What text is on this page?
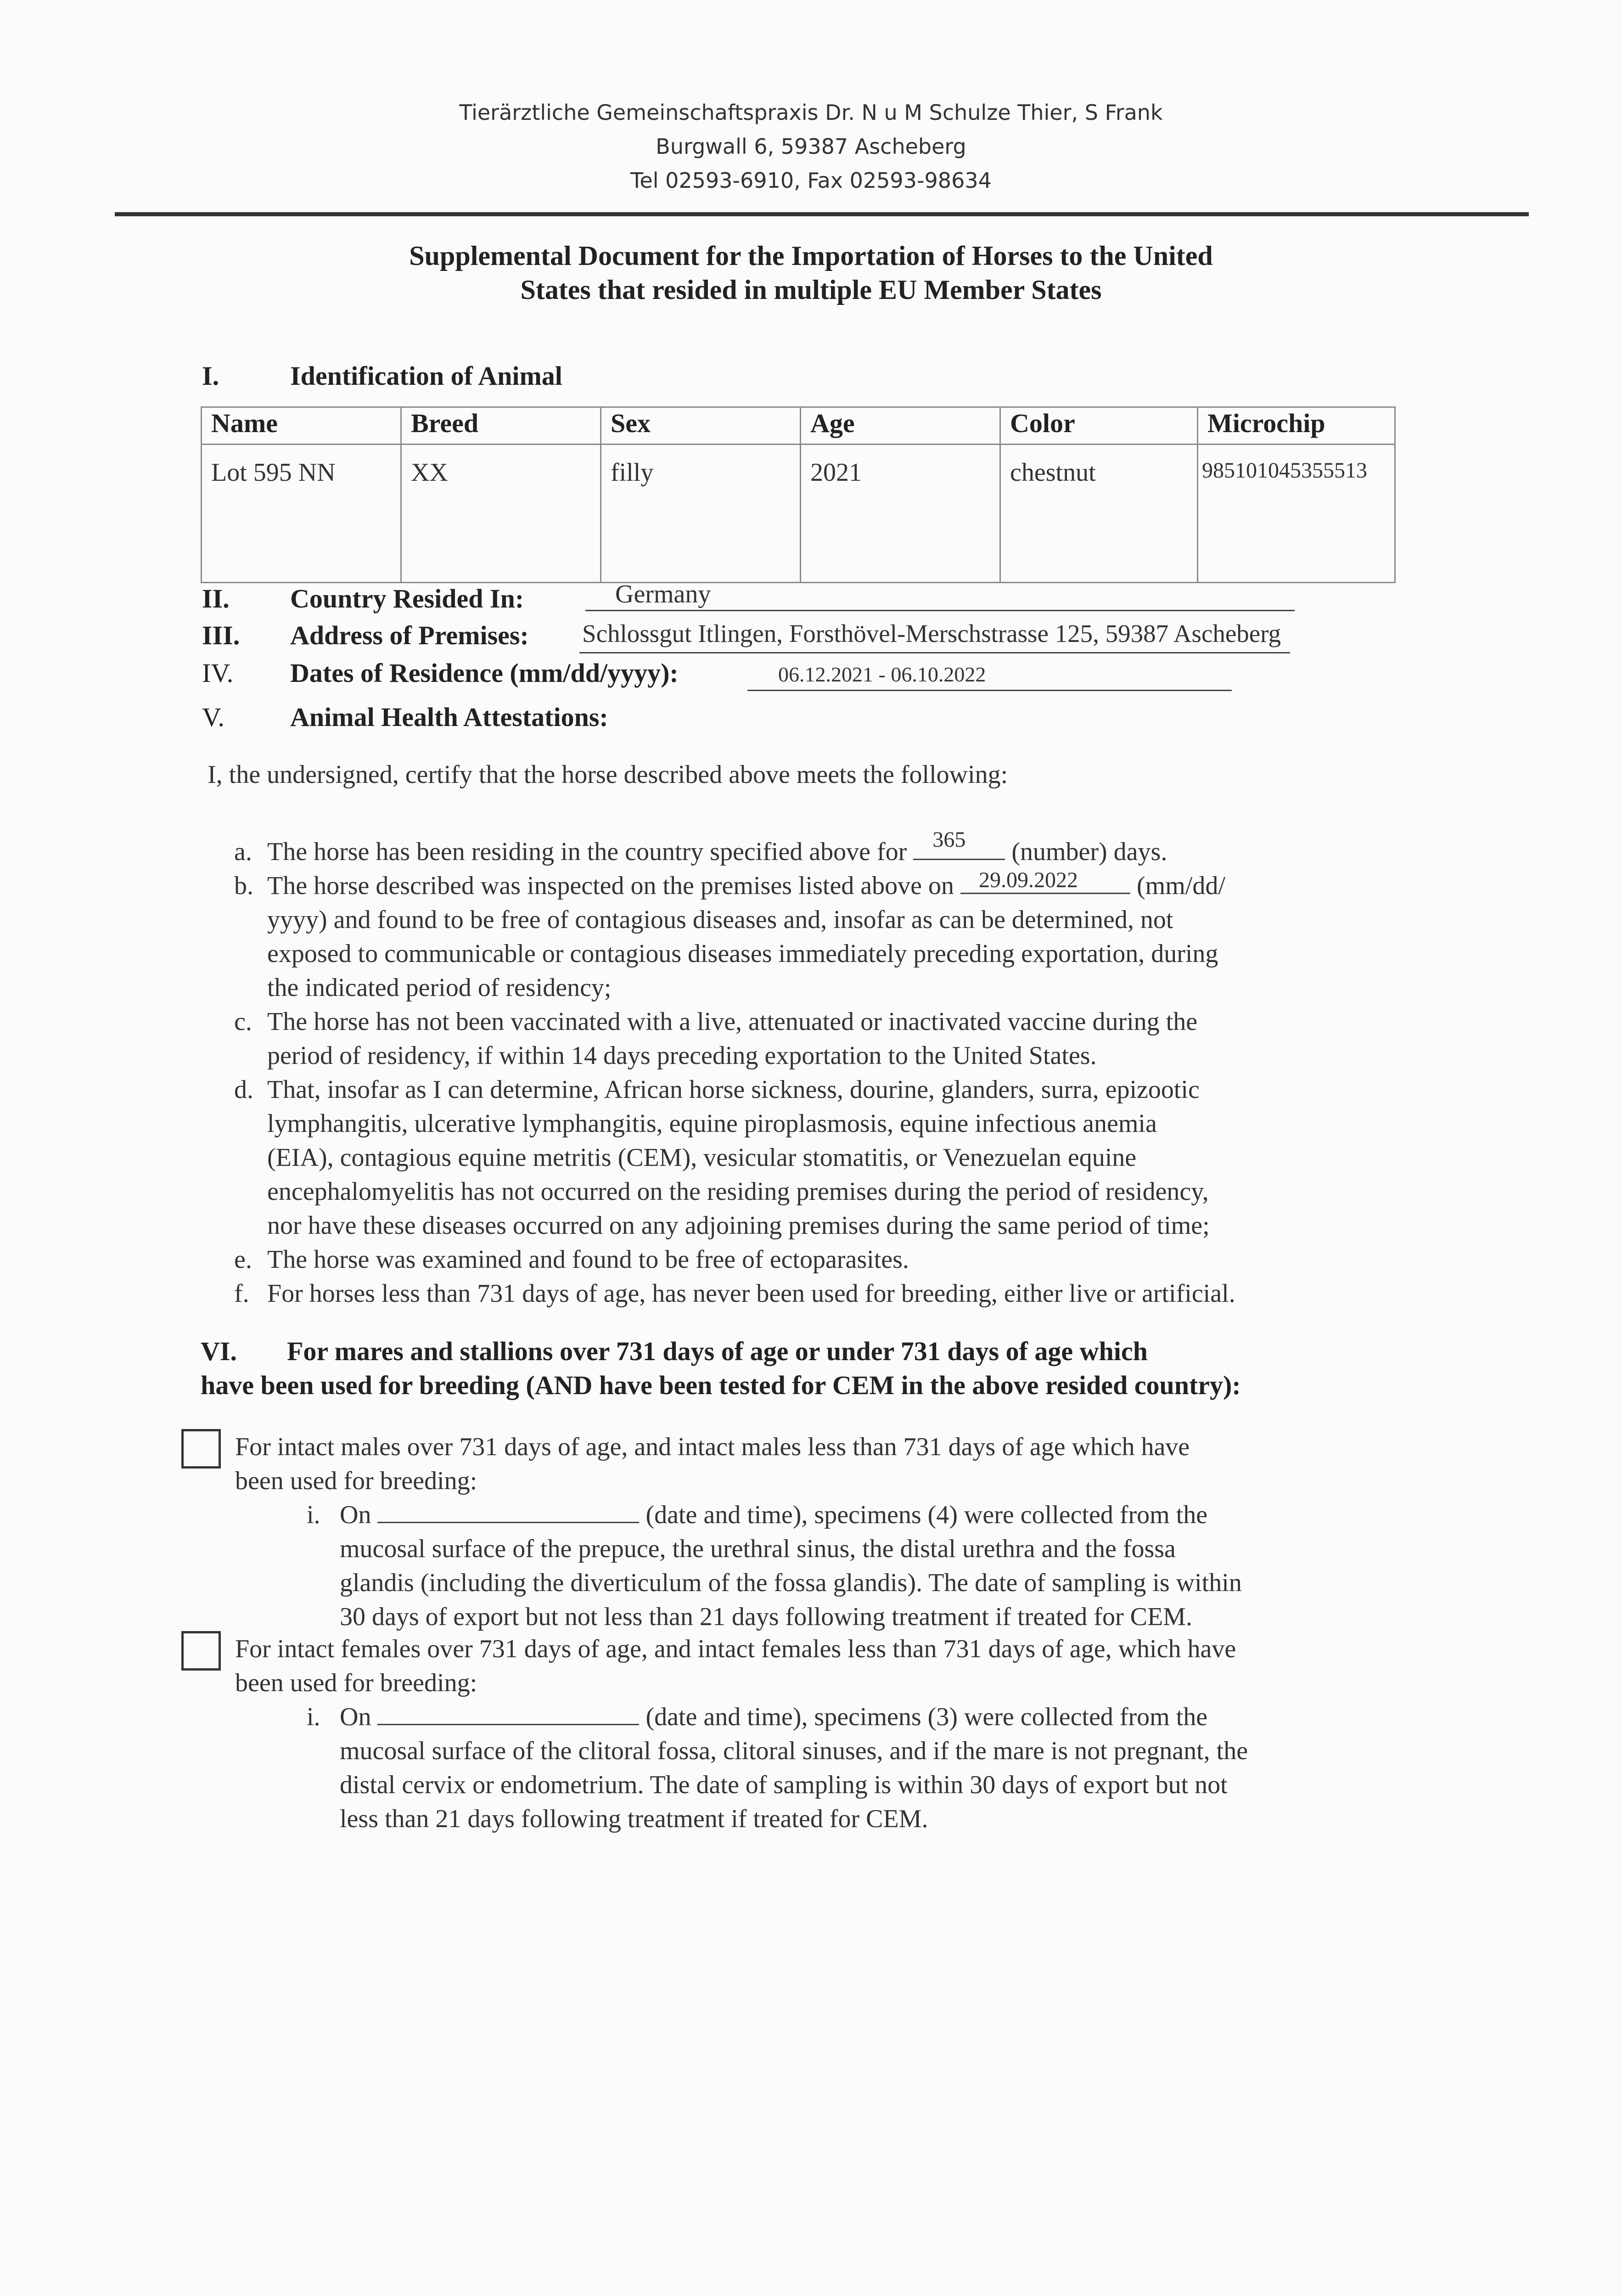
Tierärztliche Gemeinschaftspraxis Dr. N u M Schulze Thier, S Frank
Burgwall 6, 59387 Ascheberg
Tel 02593-6910, Fax 02593-98634
Supplemental Document for the Importation of Horses to the United
States that resided in multiple EU Member States
I.	Identification of Animal
Name	Breed	Sex	Age	Color	Microchip
Lot 595 NN	XX	filly	2021	chestnut	985101045355513
II. Country Resided In:	Germany
III. Address of Premises: Schlossgut Itlingen, Forsthövel-Merschstrasse 125, 59387 Ascheberg
IV. Dates of Residence (mm/dd/yyyy):	06.12.2021 - 06.10.2022
V. Animal Health Attestations:
I, the undersigned, certify that the horse described above meets the following:
a. The horse has been residing in the country specified above for 365 (number) days.
b. The horse described was inspected on the premises listed above on 29.09.2022 (mm/dd/
yyyy) and found to be free of contagious diseases and, insofar as can be determined, not
exposed to communicable or contagious diseases immediately preceding exportation, during
the indicated period of residency;
c. The horse has not been vaccinated with a live, attenuated or inactivated vaccine during the
period of residency, if within 14 days preceding exportation to the United States.
d. That, insofar as I can determine, African horse sickness, dourine, glanders, surra, epizootic
lymphangitis, ulcerative lymphangitis, equine piroplasmosis, equine infectious anemia
(EIA), contagious equine metritis (CEM), vesicular stomatitis, or Venezuelan equine
encephalomyelitis has not occurred on the residing premises during the period of residency,
nor have these diseases occurred on any adjoining premises during the same period of time;
e. The horse was examined and found to be free of ectoparasites.
f. For horses less than 731 days of age, has never been used for breeding, either live or artificial.
VI. For mares and stallions over 731 days of age or under 731 days of age which
have been used for breeding (AND have been tested for CEM in the above resided country):
For intact males over 731 days of age, and intact males less than 731 days of age which have
been used for breeding:
i. On	(date and time), specimens (4) were collected from the
mucosal surface of the prepuce, the urethral sinus, the distal urethra and the fossa
glandis (including the diverticulum of the fossa glandis). The date of sampling is within
30 days of export but not less than 21 days following treatment if treated for CEM.
For intact females over 731 days of age, and intact females less than 731 days of age, which have
been used for breeding:
i. On	(date and time), specimens (3) were collected from the
mucosal surface of the clitoral fossa, clitoral sinuses, and if the mare is not pregnant, the
distal cervix or endometrium. The date of sampling is within 30 days of export but not
less than 21 days following treatment if treated for CEM.
